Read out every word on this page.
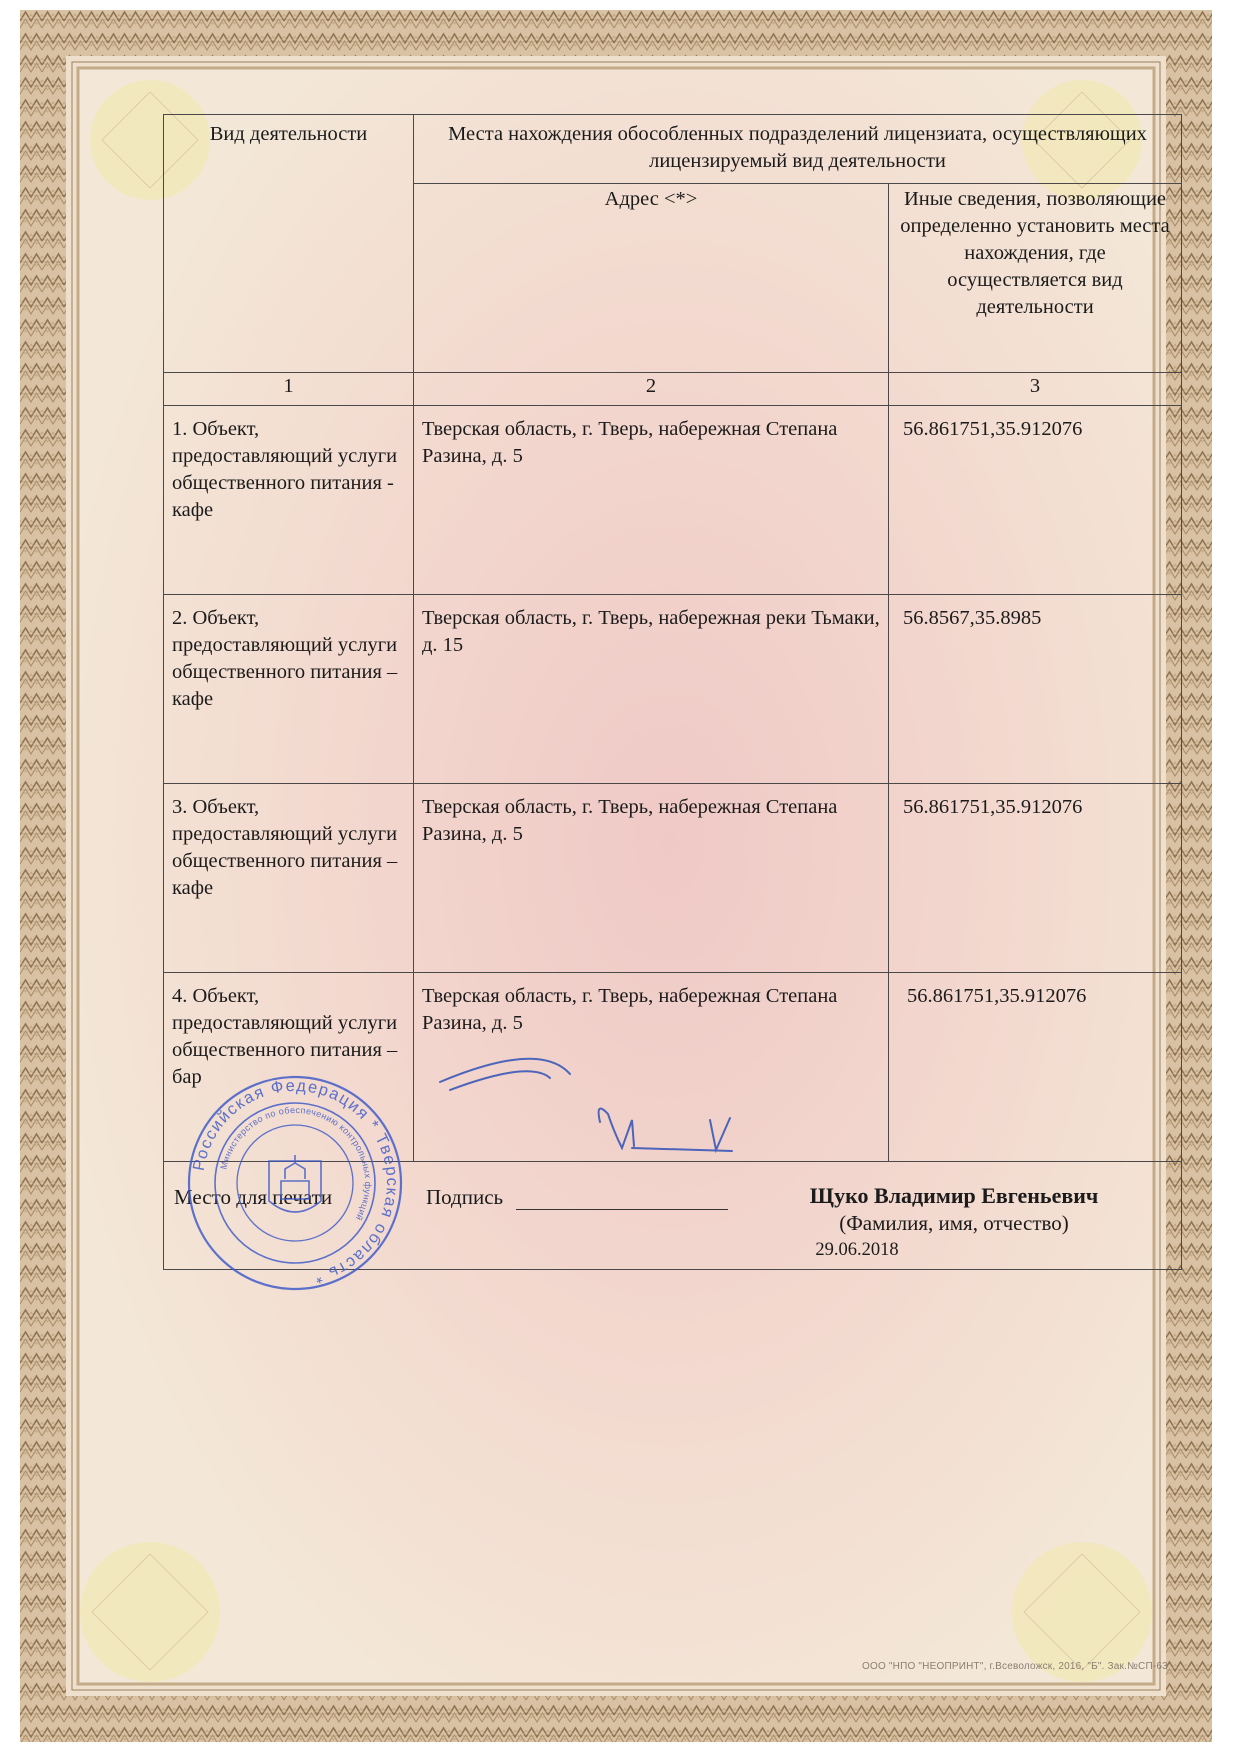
Вид деятельности	Места нахождения обособленных подразделений лицензиата, осуществляющих лицензируемый вид деятельности	
	Адрес <*>	Иные сведения, позволяющие определенно установить места нахождения, где осуществляется вид деятельности
1	2	3
1. Объект, предоставляющий услуги общественного питания - кафе	Тверская область, г. Тверь, набережная Степана Разина, д. 5	56.861751,35.912076
2. Объект, предоставляющий услуги общественного питания – кафе	Тверская область, г. Тверь, набережная реки Тьмаки, д. 15	56.8567,35.8985
3. Объект, предоставляющий услуги общественного питания – кафе	Тверская область, г. Тверь, набережная Степана Разина, д. 5	56.861751,35.912076
4. Объект, предоставляющий услуги общественного питания – бар	Тверская область, г. Тверь, набережная Степана Разина, д. 5	56.861751,35.912076

Место для печати Подпись Щуко Владимир Евгеньевич
(Фамилия, имя, отчество)
29.06.2018		
Российская Федерация * Тверская область *
Министерство по обеспечению контрольных функций
ООО "НПО "НЕОПРИНТ", г.Всеволожск, 2016, "Б". Зак.№СП-63
